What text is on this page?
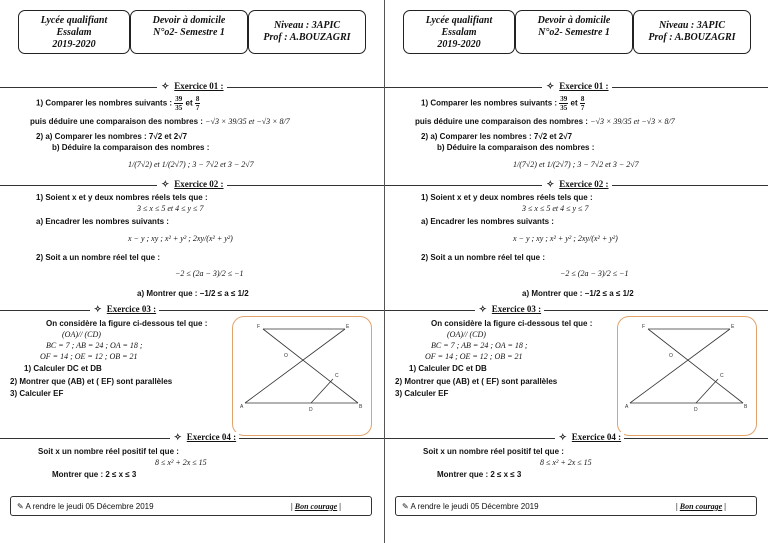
Lycée qualifiant
Essalam
2019-2020
Devoir à domicile
N°o2- Semestre 1
Niveau : 3APIC
Prof : A.BOUZAGRI
✧ Exercice 01 :
1) Comparer les nombres suivants : $\frac{39}{35}$ et $\frac{8}{7}$
puis déduire une comparaison des nombres : −√3 × 39/35 et −√3 × 8/7
2) a) Comparer les nombres : 7√2 et 2√7
b) Déduire la comparaison des nombres :
1/(7√2) et 1/(2√7) ; 3 − 7√2 et 3 − 2√7
✧ Exercice 02 :
1) Soient x et y deux nombres réels tels que :
3 ≤ x ≤ 5 et 4 ≤ y ≤ 7
a) Encadrer les nombres suivants :
x − y ; xy ; x² + y² ; 2xy/(x² + y²)
2) Soit a un nombre réel tel que :
−2 ≤ (2a − 3)/2 ≤ −1
a) Montrer que : −1/2 ≤ a ≤ 1/2
✧ Exercice 03 :
On considère la figure ci-dessous tel que :
(OA)// (CD)
BC = 7 ; AB = 24 ; OA = 18 ;
OF = 14 ; OE = 12 ; OB = 21
1) Calculer DC et DB
2) Montrer que (AB) et ( EF) sont parallèles
3) Calculer EF
F	E
O
C
A	D	B
✧ Exercice 04 :
Soit x un nombre réel positif tel que :
8 ≤ x² + 2x ≤ 15
Montrer que : 2 ≤ x ≤ 3
✎ A rendre le jeudi 05 Décembre 2019	| Bon courage |
Lycée qualifiant
Essalam
2019-2020
Devoir à domicile
N°o2- Semestre 1
Niveau : 3APIC
Prof : A.BOUZAGRI
✧ Exercice 01 :
1) Comparer les nombres suivants : $\frac{39}{35}$ et $\frac{8}{7}$
puis déduire une comparaison des nombres : −√3 × 39/35 et −√3 × 8/7
2) a) Comparer les nombres : 7√2 et 2√7
b) Déduire la comparaison des nombres :
1/(7√2) et 1/(2√7) ; 3 − 7√2 et 3 − 2√7
✧ Exercice 02 :
1) Soient x et y deux nombres réels tels que :
3 ≤ x ≤ 5 et 4 ≤ y ≤ 7
a) Encadrer les nombres suivants :
x − y ; xy ; x² + y² ; 2xy/(x² + y²)
2) Soit a un nombre réel tel que :
−2 ≤ (2a − 3)/2 ≤ −1
a) Montrer que : −1/2 ≤ a ≤ 1/2
✧ Exercice 03 :
On considère la figure ci-dessous tel que :
(OA)// (CD)
BC = 7 ; AB = 24 ; OA = 18 ;
OF = 14 ; OE = 12 ; OB = 21
1) Calculer DC et DB
2) Montrer que (AB) et ( EF) sont parallèles
3) Calculer EF
F	E
O
C
A	D	B
✧ Exercice 04 :
Soit x un nombre réel positif tel que :
8 ≤ x² + 2x ≤ 15
Montrer que : 2 ≤ x ≤ 3
✎ A rendre le jeudi 05 Décembre 2019	| Bon courage |
